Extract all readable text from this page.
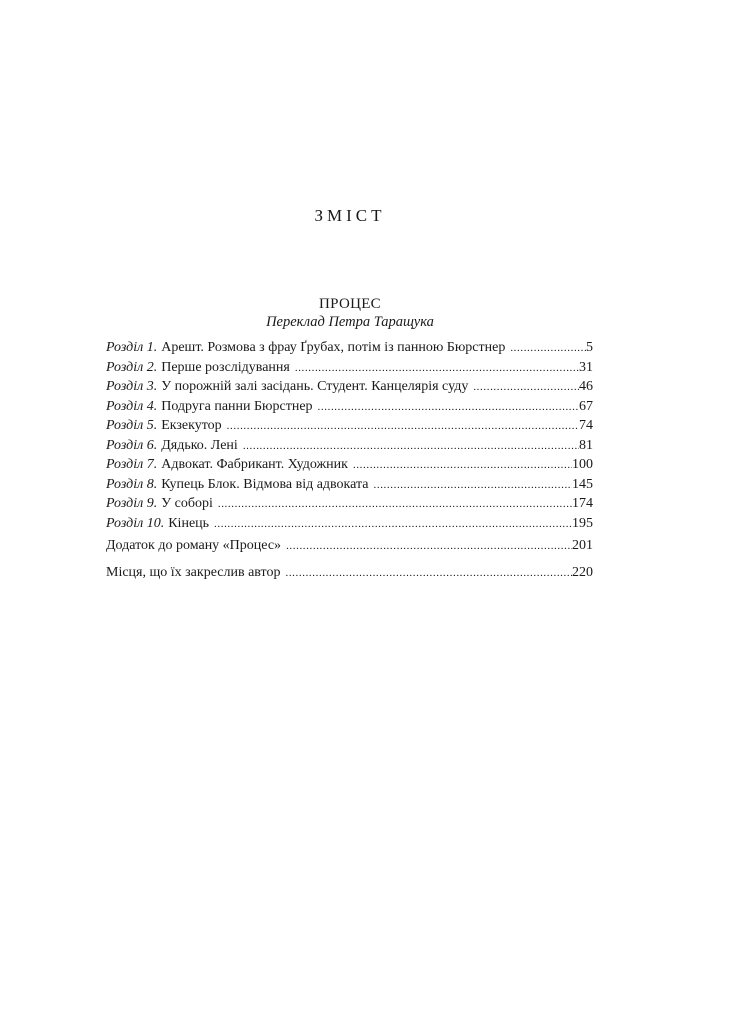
ЗМІСТ
ПРОЦЕС
Переклад Петра Таращука
Розділ 1. Арешт. Розмова з фрау Ґрубах, потім із панною Бюрстнер .....	5
Розділ 2. Перше розслідування .....	31
Розділ 3. У порожній залі засідань. Студент. Канцелярія суду .....	46
Розділ 4. Подруга панни Бюрстнер .....	67
Розділ 5. Екзекутор .....	74
Розділ 6. Дядько. Лені .....	81
Розділ 7. Адвокат. Фабрикант. Художник .....	100
Розділ 8. Купець Блок. Відмова від адвоката .....	145
Розділ 9. У соборі .....	174
Розділ 10. Кінець .....	195
Додаток до роману «Процес» .....	201
Місця, що їх закреслив автор .....	220
